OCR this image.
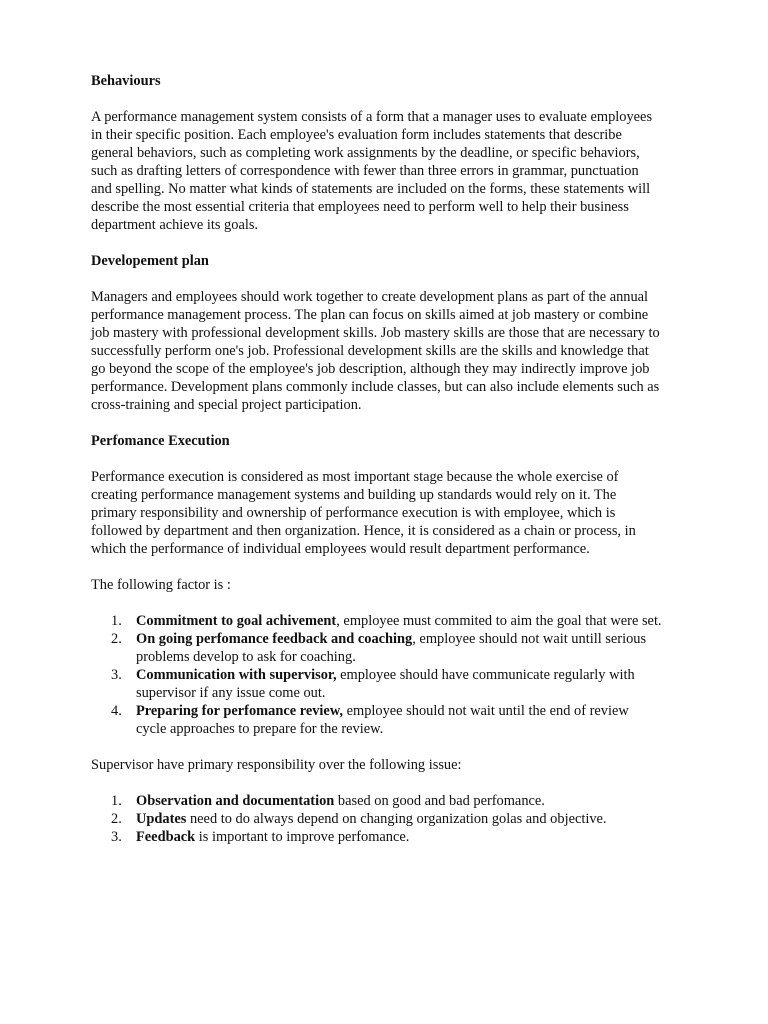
Behaviours
A performance management system consists of a form that a manager uses to evaluate employees
in their specific position. Each employee's evaluation form includes statements that describe
general behaviors, such as completing work assignments by the deadline, or specific behaviors,
such as drafting letters of correspondence with fewer than three errors in grammar, punctuation
and spelling. No matter what kinds of statements are included on the forms, these statements will
describe the most essential criteria that employees need to perform well to help their business
department achieve its goals.
Developement plan
Managers and employees should work together to create development plans as part of the annual
performance management process. The plan can focus on skills aimed at job mastery or combine
job mastery with professional development skills. Job mastery skills are those that are necessary to
successfully perform one's job. Professional development skills are the skills and knowledge that
go beyond the scope of the employee's job description, although they may indirectly improve job
performance. Development plans commonly include classes, but can also include elements such as
cross-training and special project participation.
Perfomance Execution
Performance execution is considered as most important stage because the whole exercise of
creating performance management systems and building up standards would rely on it. The
primary responsibility and ownership of performance execution is with employee, which is
followed by department and then organization. Hence, it is considered as a chain or process, in
which the performance of individual employees would result department performance.
The following factor is :
1. Commitment to goal achivement, employee must commited to aim the goal that were set.
2. On going perfomance feedback and coaching, employee should not wait untill serious
problems develop to ask for coaching.
3. Communication with supervisor, employee should have communicate regularly with
supervisor if any issue come out.
4. Preparing for perfomance review, employee should not wait until the end of review
cycle approaches to prepare for the review.
Supervisor have primary responsibility over the following issue:
1. Observation and documentation based on good and bad perfomance.
2. Updates need to do always depend on changing organization golas and objective.
3. Feedback is important to improve perfomance.
